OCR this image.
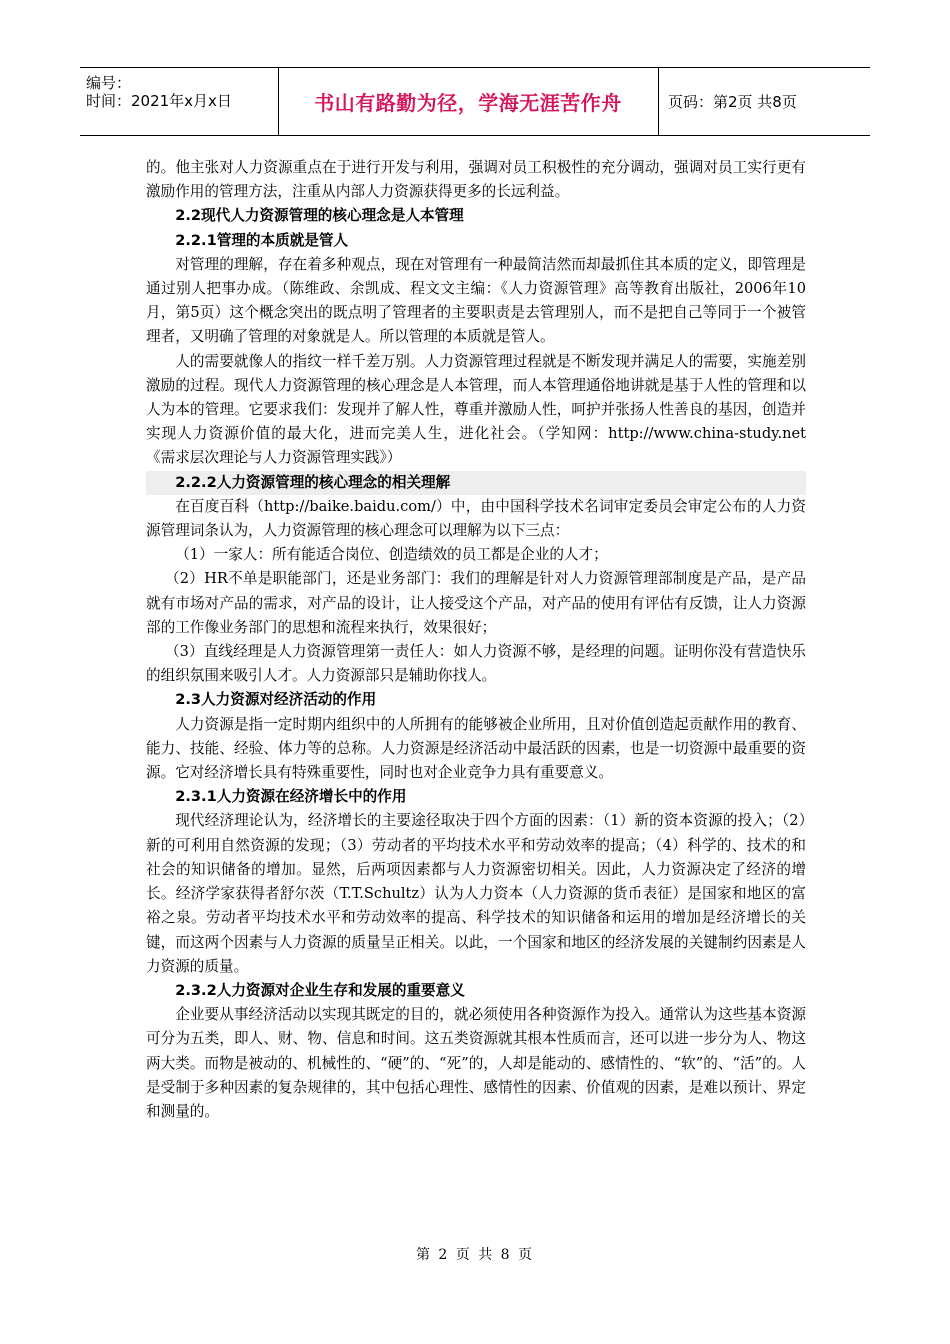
编号：
时间：2021年x月x日	书山有路勤为径，学海无涯苦作舟	页码：第2页 共8页

的。他主张对人力资源重点在于进行开发与利用，强调对员工积极性的充分调动，强调对员工实行更有激励作用的管理方法，注重从内部人力资源获得更多的长远利益。

2.2现代人力资源管理的核心理念是人本管理

2.2.1管理的本质就是管人

对管理的理解，存在着多种观点，现在对管理有一种最简洁然而却最抓住其本质的定义，即管理是通过别人把事办成。（陈维政、余凯成、程文文主编：《人力资源管理》高等教育出版社，2006年10月，第5页）这个概念突出的既点明了管理者的主要职责是去管理别人，而不是把自己等同于一个被管理者，又明确了管理的对象就是人。所以管理的本质就是管人。

人的需要就像人的指纹一样千差万别。人力资源管理过程就是不断发现并满足人的需要，实施差别激励的过程。现代人力资源管理的核心理念是人本管理，而人本管理通俗地讲就是基于人性的管理和以人为本的管理。它要求我们：发现并了解人性，尊重并激励人性，呵护并张扬人性善良的基因，创造并实现人力资源价值的最大化，进而完美人生，进化社会。（学知网：http://www.china-study.net 《需求层次理论与人力资源管理实践》）

2.2.2人力资源管理的核心理念的相关理解

在百度百科（http://baike.baidu.com/）中，由中国科学技术名词审定委员会审定公布的人力资源管理词条认为，人力资源管理的核心理念可以理解为以下三点：

（1）一家人：所有能适合岗位、创造绩效的员工都是企业的人才；

（2）HR不单是职能部门，还是业务部门：我们的理解是针对人力资源管理部制度是产品，是产品就有市场对产品的需求，对产品的设计，让人接受这个产品，对产品的使用有评估有反馈，让人力资源部的工作像业务部门的思想和流程来执行，效果很好；

（3）直线经理是人力资源管理第一责任人：如人力资源不够，是经理的问题。证明你没有营造快乐的组织氛围来吸引人才。人力资源部只是辅助你找人。

2.3人力资源对经济活动的作用

人力资源是指一定时期内组织中的人所拥有的能够被企业所用，且对价值创造起贡献作用的教育、能力、技能、经验、体力等的总称。人力资源是经济活动中最活跃的因素，也是一切资源中最重要的资源。它对经济增长具有特殊重要性，同时也对企业竞争力具有重要意义。

2.3.1人力资源在经济增长中的作用

现代经济理论认为，经济增长的主要途径取决于四个方面的因素：（1）新的资本资源的投入；（2）新的可利用自然资源的发现；（3）劳动者的平均技术水平和劳动效率的提高；（4）科学的、技术的和社会的知识储备的增加。显然，后两项因素都与人力资源密切相关。因此，人力资源决定了经济的增长。经济学家获得者舒尔茨（T.T.Schultz）认为人力资本（人力资源的货币表征）是国家和地区的富裕之泉。劳动者平均技术水平和劳动效率的提高、科学技术的知识储备和运用的增加是经济增长的关键，而这两个因素与人力资源的质量呈正相关。以此，一个国家和地区的经济发展的关键制约因素是人力资源的质量。

2.3.2人力资源对企业生存和发展的重要意义

企业要从事经济活动以实现其既定的目的，就必须使用各种资源作为投入。通常认为这些基本资源可分为五类，即人、财、物、信息和时间。这五类资源就其根本性质而言，还可以进一步分为人、物这两大类。而物是被动的、机械性的、“硬”的、“死”的，人却是能动的、感情性的、“软”的、“活”的。人是受制于多种因素的复杂规律的，其中包括心理性、感情性的因素、价值观的因素，是难以预计、界定和测量的。

第 2 页 共 8 页
